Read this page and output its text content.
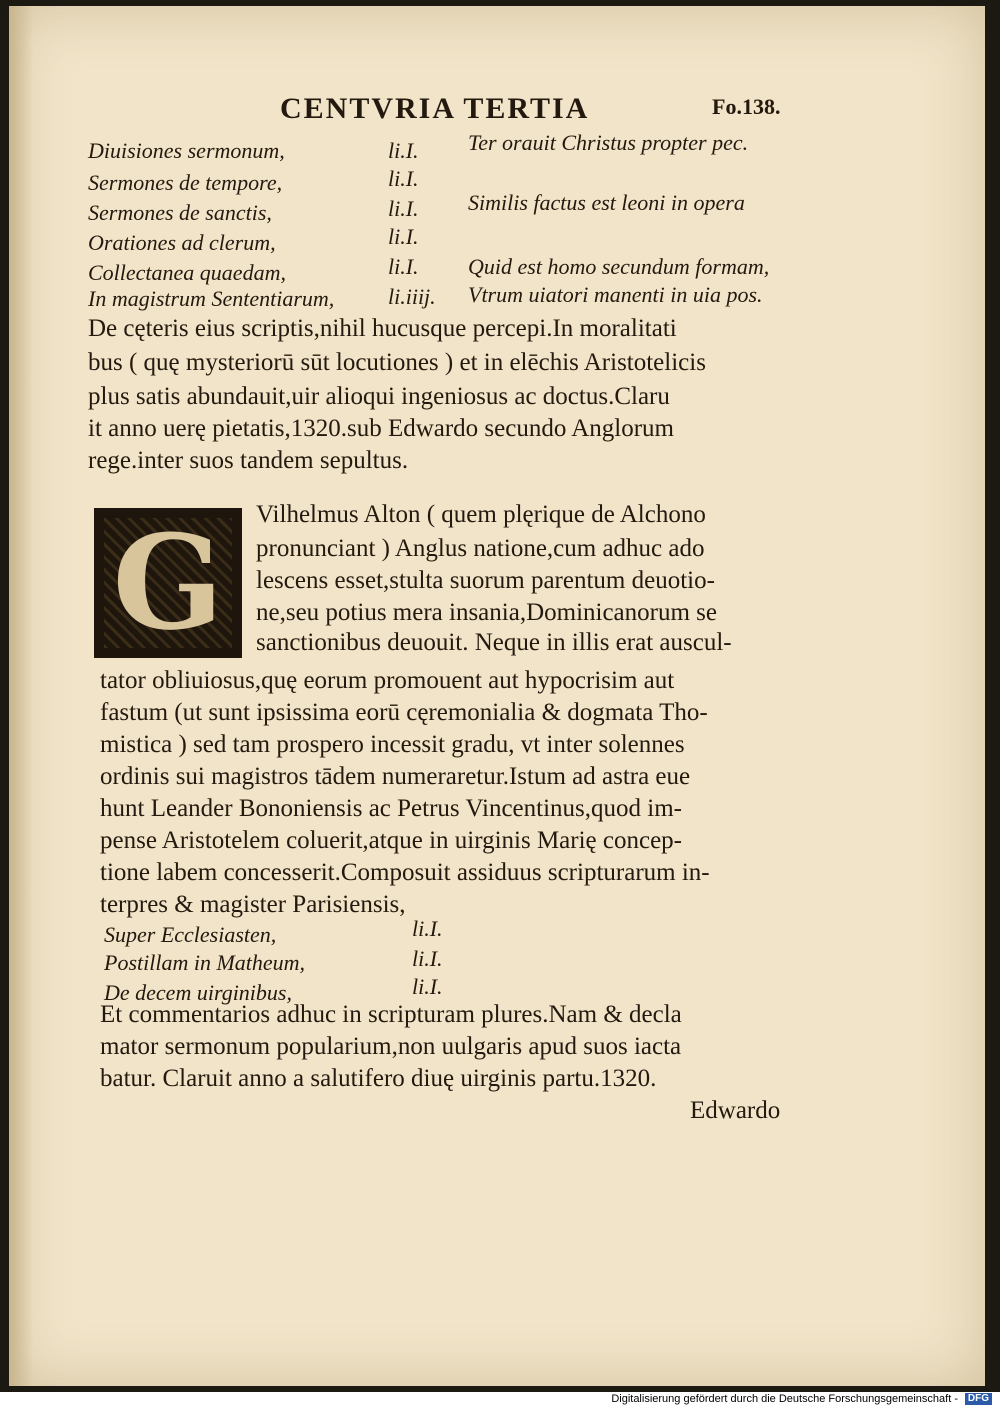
CENTVRIA TERTIA	Fo.138.
Diuisiones sermonum,	li.I. Ter orauit Christus propter pec.
Sermones de tempore,	li.I.
Sermones de sanctis,	li.I. Similis factus est leoni in opera
Orationes ad clerum,	li.I.
Collectanea quaedam,	li.I. Quid est homo secundum formam,
In magistrum Sententiarum, li.iiij. Vtrum uiatori manenti in uia pos.
De cęteris eius scriptis,nihil hucusque percepi.In moralitati
bus ( quę mysteriorū sūt locutiones ) et in elēchis Aristotelicis
plus satis abundauit,uir alioqui ingeniosus ac doctus.Claru
it anno uerę pietatis,1320.sub Edwardo secundo Anglorum
rege.inter suos tandem sepultus.
G Vilhelmus Alton ( quem plęrique de Alchono
pronunciant ) Anglus natione,cum adhuc ado
lescens esset,stulta suorum parentum deuotio-
ne,seu potius mera insania,Dominicanorum se
sanctionibus deuouit. Neque in illis erat auscul-
tator obliuiosus,quę eorum promouent aut hypocrisim aut
fastum (ut sunt ipsissima eorū cęremonialia & dogmata Tho-
mistica ) sed tam prospero incessit gradu, vt inter solennes
ordinis sui magistros tādem numeraretur.Istum ad astra eue
hunt Leander Bononiensis ac Petrus Vincentinus,quod im-
pense Aristotelem coluerit,atque in uirginis Marię concep-
tione labem concesserit.Composuit assiduus scripturarum in-
terpres & magister Parisiensis,
Super Ecclesiasten,	li.I.
Postillam in Matheum,	li.I.
De decem uirginibus,	li.I.
Et commentarios adhuc in scripturam plures.Nam & decla
mator sermonum popularium,non uulgaris apud suos iacta
batur. Claruit anno a salutifero diuę uirginis partu.1320.
Edwardo
Digitalisierung gefördert durch die Deutsche Forschungsgemeinschaft - DFG
